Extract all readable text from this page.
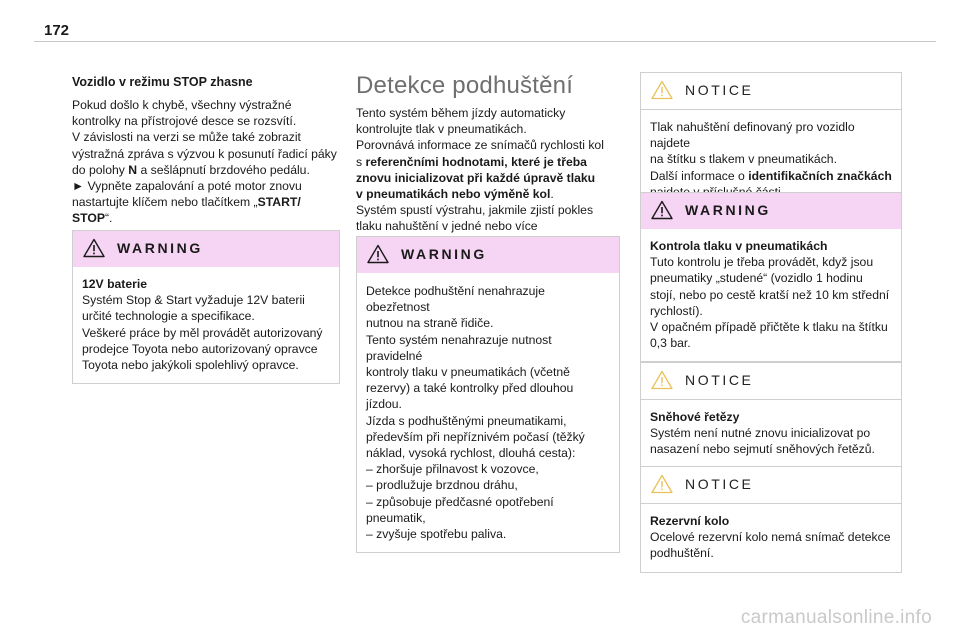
172
Vozidlo v režimu STOP zhasne
Pokud došlo k chybě, všechny výstražné
kontrolky na přístrojové desce se rozsvítí.
V závislosti na verzi se může také zobrazit
výstražná zpráva s výzvou k posunutí řadicí páky
do polohy N a sešlápnutí brzdového pedálu.
► Vypněte zapalování a poté motor znovu
nastartujte klíčem nebo tlačítkem „START/
STOP“.
WARNING

12V baterie

Systém Stop & Start vyžaduje 12V baterii

určité technologie a specifikace.

Veškeré práce by měl provádět autorizovaný

prodejce Toyota nebo autorizovaný opravce

Toyota nebo jakýkoli spolehlivý opravce.

Detekce podhuštění
Tento systém během jízdy automaticky
kontrolujte tlak v pneumatikách.
Porovnává informace ze snímačů rychlosti kol
s referenčními hodnotami, které je třeba
znovu inicializovat při každé úpravě tlaku
v pneumatikách nebo výměně kol.
Systém spustí výstrahu, jakmile zjistí pokles
tlaku nahuštění v jedné nebo více
WARNING

Detekce podhuštění nenahrazuje obezřetnost

nutnou na straně řidiče.

Tento systém nenahrazuje nutnost pravidelné

kontroly tlaku v pneumatikách (včetně

rezervy) a také kontrolky před dlouhou jízdou.

Jízda s podhuštěnými pneumatikami,

především při nepříznivém počasí (těžký

náklad, vysoká rychlost, dlouhá cesta):

– zhoršuje přilnavost k vozovce,

– prodlužuje brzdnou dráhu,

– způsobuje předčasné opotřebení

pneumatik,

– zvyšuje spotřebu paliva.

NOTICE

Tlak nahuštění definovaný pro vozidlo najdete

na štítku s tlakem v pneumatikách.

Další informace o identifikačních značkách

WARNING

Kontrola tlaku v pneumatikách

Tuto kontrolu je třeba provádět, když jsou

pneumatiky „studené“ (vozidlo 1 hodinu

stojí, nebo po cestě kratší než 10 km střední

rychlostí).

V opačném případě přičtěte k tlaku na štítku

0,3 bar.

NOTICE

Sněhové řetězy

Systém není nutné znovu inicializovat po

nasazení nebo sejmutí sněhových řetězů.

NOTICE

Rezervní kolo

Ocelové rezervní kolo nemá snímač detekce

podhuštění.

carmanualsonline.info
